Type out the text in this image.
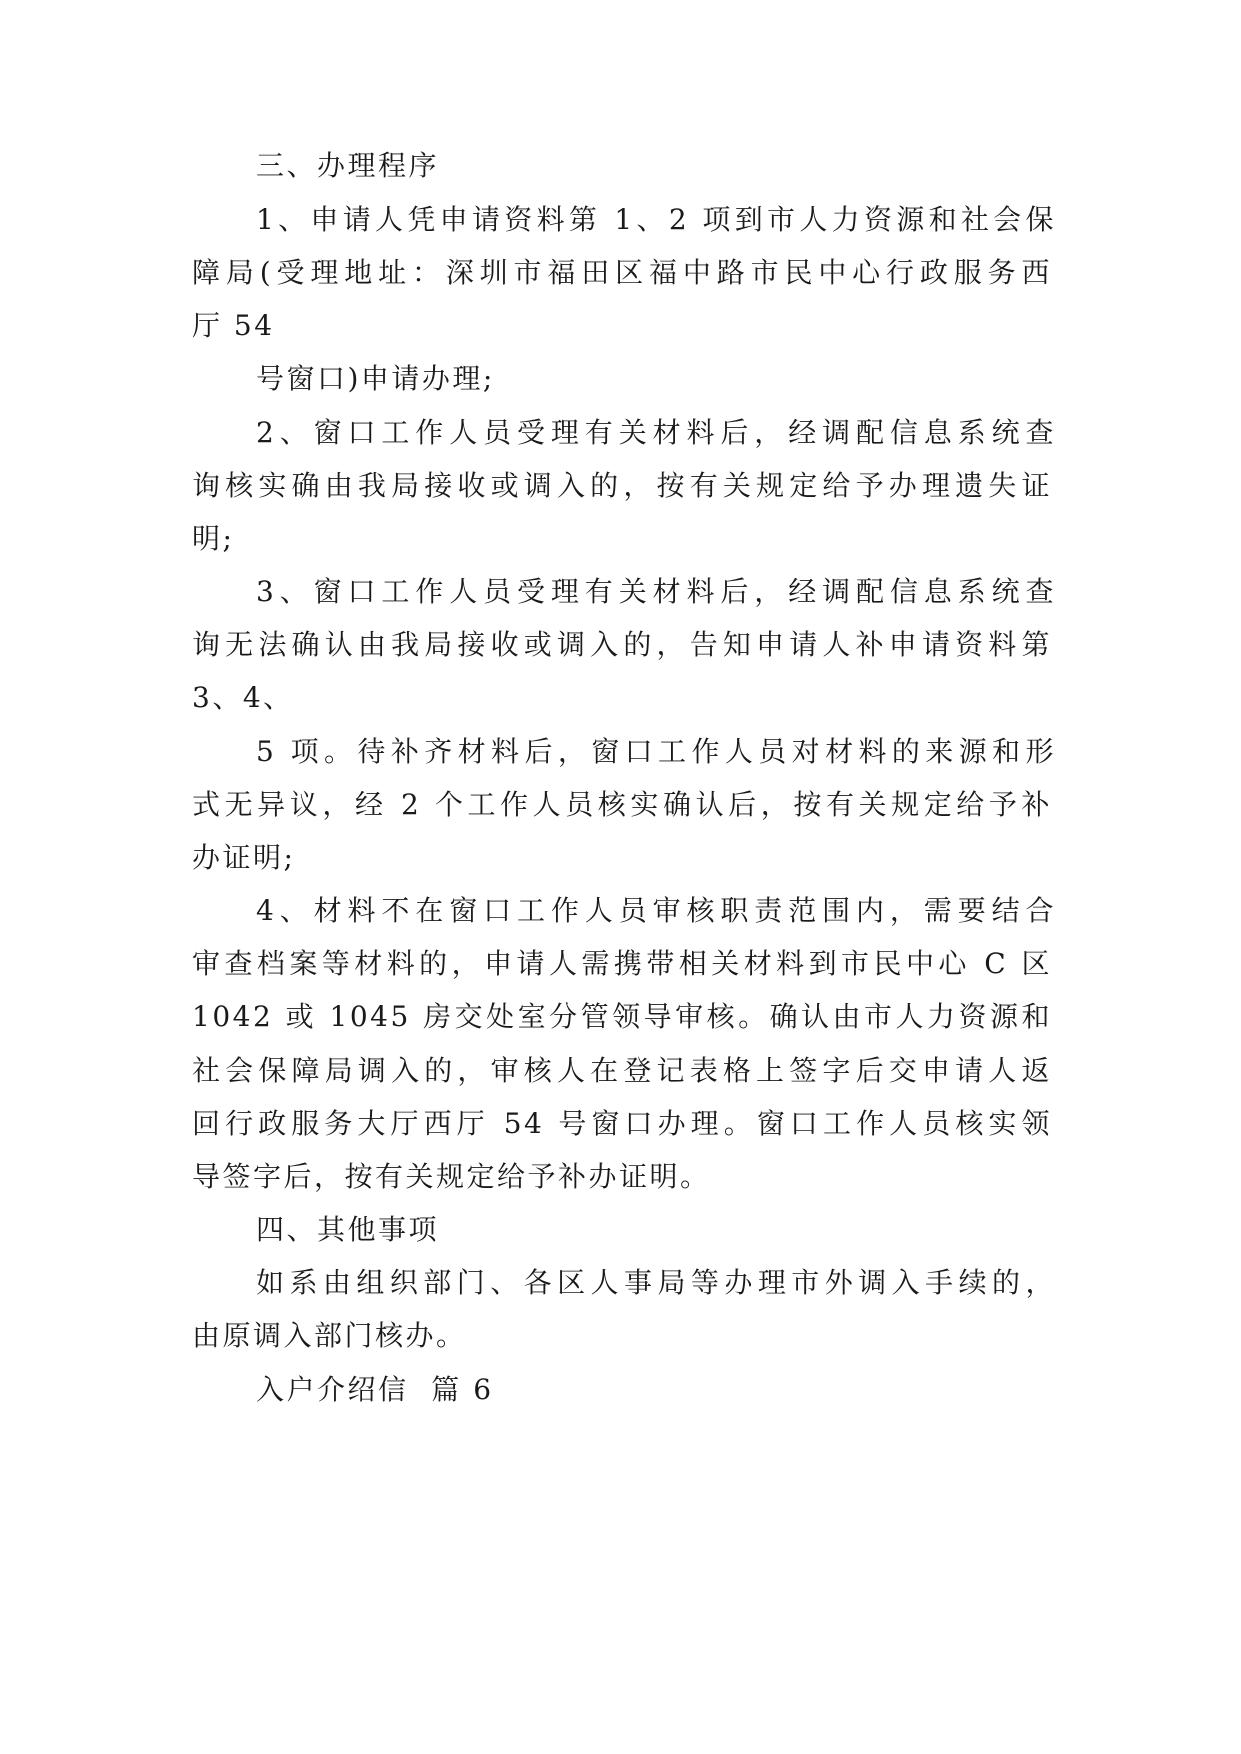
三、办理程序
1、申请人凭申请资料第 1、2 项到市人力资源和社会保
障局(受理地址：深圳市福田区福中路市民中心行政服务西
厅 54
号窗口)申请办理;
2、窗口工作人员受理有关材料后，经调配信息系统查
询核实确由我局接收或调入的，按有关规定给予办理遗失证
明;
3、窗口工作人员受理有关材料后，经调配信息系统查
询无法确认由我局接收或调入的，告知申请人补申请资料第
3、4、
5 项。待补齐材料后，窗口工作人员对材料的来源和形
式无异议，经 2 个工作人员核实确认后，按有关规定给予补
办证明;
4、材料不在窗口工作人员审核职责范围内，需要结合
审查档案等材料的，申请人需携带相关材料到市民中心 C 区
1042 或 1045 房交处室分管领导审核。确认由市人力资源和
社会保障局调入的，审核人在登记表格上签字后交申请人返
回行政服务大厅西厅 54 号窗口办理。窗口工作人员核实领
导签字后，按有关规定给予补办证明。
四、其他事项
如系由组织部门、各区人事局等办理市外调入手续的，
由原调入部门核办。
入户介绍信  篇 6
